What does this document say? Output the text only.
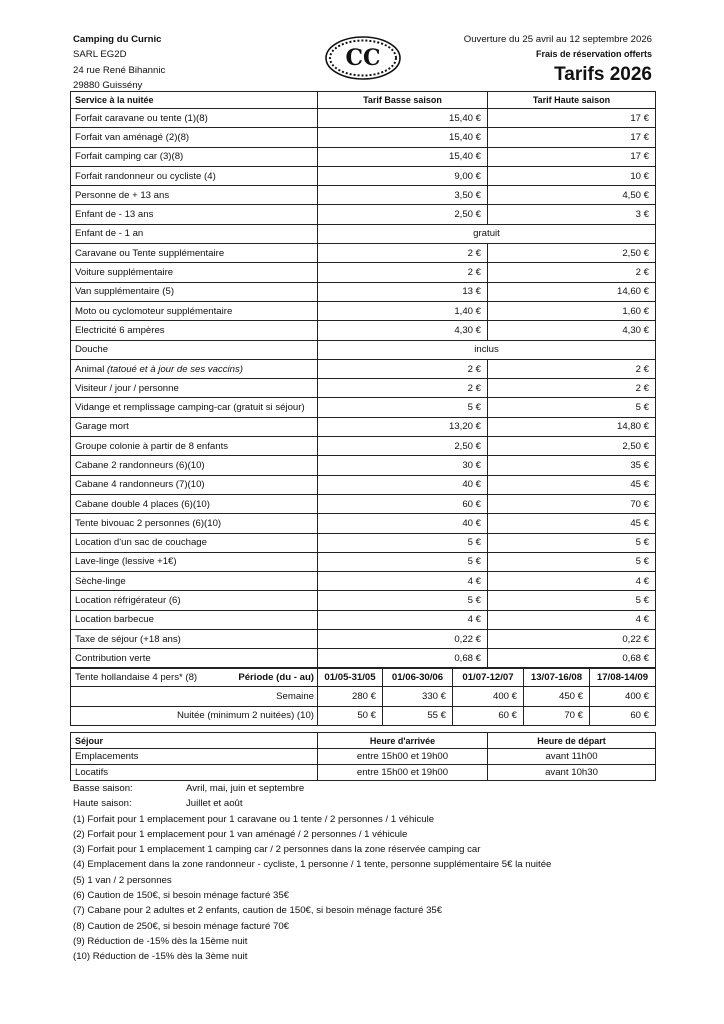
Camping du Curnic
SARL EG2D
24 rue René Bihannic
29880 Guissény
CC
Ouverture du 25 avril au 12 septembre 2026
Frais de réservation offerts
Tarifs 2026
Service à la nuitée	Tarif Basse saison	Tarif Haute saison
Forfait caravane ou tente (1)(8)	15,40 €	17 €
Forfait van aménagé (2)(8)	15,40 €	17 €
Forfait camping car (3)(8)	15,40 €	17 €
Forfait randonneur ou cycliste (4)	9,00 €	10 €
Personne de + 13 ans	3,50 €	4,50 €
Enfant de - 13 ans	2,50 €	3 €
Enfant de - 1 an	gratuit	
Caravane ou Tente supplémentaire	2 €	2,50 €
Voiture supplémentaire	2 €	2 €
Van supplémentaire (5)	13 €	14,60 €
Moto ou cyclomoteur supplémentaire	1,40 €	1,60 €
Electricité 6 ampères	4,30 €	4,30 €
Douche	inclus	
Animal (tatoué et à jour de ses vaccins)	2 €	2 €
Visiteur / jour / personne	2 €	2 €
Vidange et remplissage camping-car (gratuit si séjour)	5 €	5 €
Garage mort	13,20 €	14,80 €
Groupe colonie à partir de 8 enfants	2,50 €	2,50 €
Cabane 2 randonneurs (6)(10)	30 €	35 €
Cabane 4 randonneurs (7)(10)	40 €	45 €
Cabane double 4 places (6)(10)	60 €	70 €
Tente bivouac 2 personnes (6)(10)	40 €	45 €
Location d'un sac de couchage	5 €	5 €
Lave-linge (lessive +1€)	5 €	5 €
Sèche-linge	4 €	4 €
Location réfrigérateur (6)	5 €	5 €
Location barbecue	4 €	4 €
Taxe de séjour (+18 ans)	0,22 €	0,22 €
Contribution verte	0,68 €	0,68 €
Tente hollandaise 4 pers* (8)	Période (du - au)	01/05-31/05	01/06-30/06	01/07-12/07	13/07-16/08	17/08-14/09
	Semaine	280 €	330 €	400 €	450 €	400 €
Nuitée (minimum 2 nuitées) (10)		50 €	55 €	60 €	70 €	60 €
Séjour	Heure d'arrivée	Heure de départ
Emplacements	entre 15h00 et 19h00	avant 11h00
Locatifs	entre 15h00 et 19h00	avant 10h30
Basse saison:	Avril, mai, juin et septembre
Haute saison:	Juillet et août
(1) Forfait pour 1 emplacement pour 1 caravane ou 1 tente / 2 personnes / 1 véhicule
(2) Forfait pour 1 emplacement pour 1 van aménagé / 2 personnes / 1 véhicule
(3) Forfait pour 1 emplacement 1 camping car / 2 personnes dans la zone réservée camping car
(4) Emplacement dans la zone randonneur - cycliste, 1 personne / 1 tente, personne supplémentaire 5€ la nuitée
(5) 1 van / 2 personnes
(6) Caution de 150€, si besoin ménage facturé 35€
(7) Cabane pour 2 adultes et 2 enfants, caution de 150€, si besoin ménage facturé 35€
(8) Caution de 250€, si besoin ménage facturé 70€
(9) Réduction de -15% dès la 15ème nuit
(10) Réduction de -15% dès la 3ème nuit
